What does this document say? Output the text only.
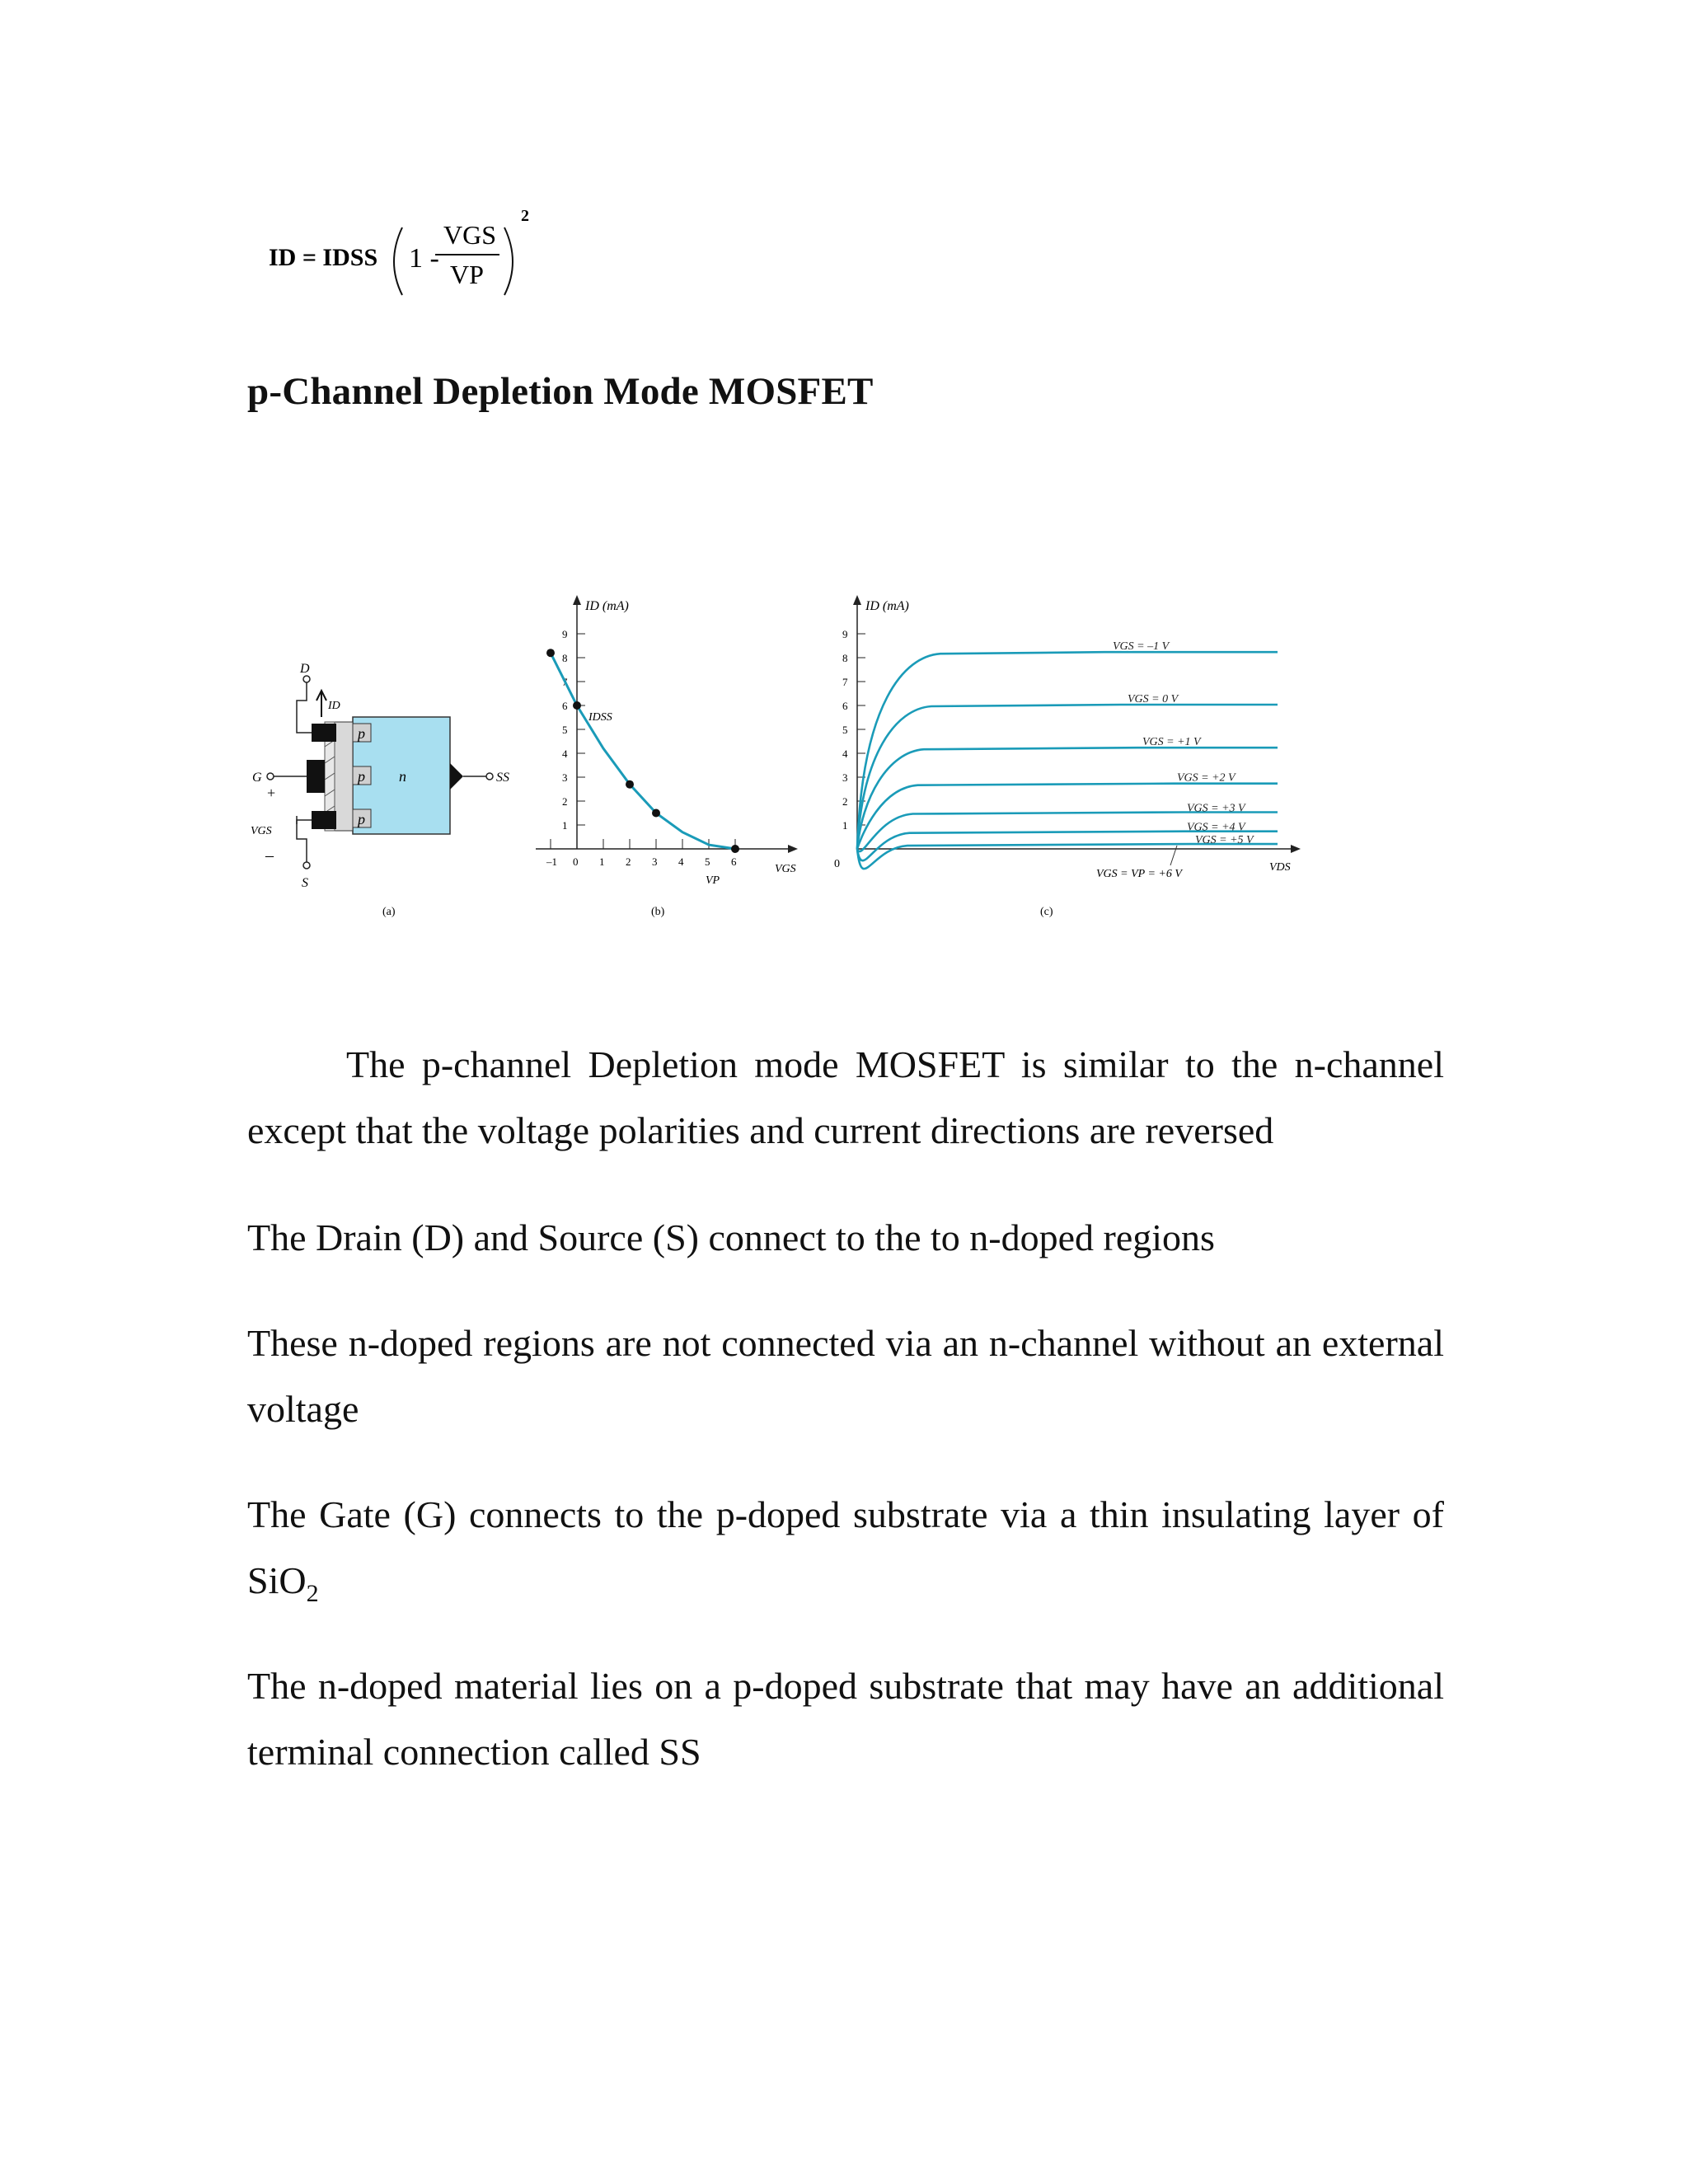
ID = IDSS 1 -
VGS
VP
2
p-Channel Depletion Mode MOSFET
p
p
p
n
D
ID
G
+
VGS
–
S
SS
(a)
ID (mA)
VGS
VP
IDSS
1
2
3
4
5
6
7
8
9
–1 0 1 2 3 4 5 6
(b)
ID (mA)
VDS
0
VGS = VP = +6 V
1
2
3
4
5
6
7
8
9
VGS = –1 V
VGS = 0 V
VGS = +1 V
VGS = +2 V
VGS = +3 V
VGS = +4 V
VGS = +5 V
(c)

The p-channel Depletion mode MOSFET is similar to the n-channel except that the voltage polarities and current directions are reversed

The Drain (D) and Source (S) connect to the to n-doped regions

These n-doped regions are not connected via an n-channel without an external voltage

The Gate (G) connects to the p-doped substrate via a thin insulating layer of SiO$_2$

The n-doped material lies on a p-doped substrate that may have an additional terminal connection called SS
